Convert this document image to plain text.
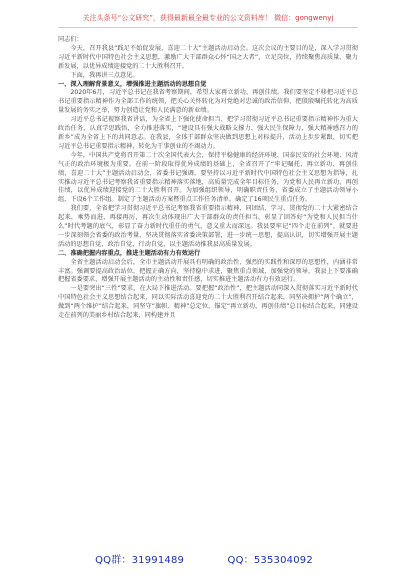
关注头条号“公文研究”，获得最新最全最专业的公文资料库！ 微信：gongwenyj

同志们：

今天，召开我县“践足不始促发展，喜迎二十大”主题活动启动会。这次会议的主要目的是，深入学习贯彻习近平新时代中国特色社会主义思想，激励广大干部群众心怀“国之大者”，立足岗位，持续聚焦高质量、聚力新发展，以优异成绩迎接党的二十大胜利召开。

下面，我再讲三点意见。

一、深入理解背景意义，增强推进主题活动的思想自觉

2020年6月，习近平总书记在我省考察期间，希望大家再立新功、再创佳绩。我们要坚定不移把习近平总书记重要指示精神作为全部工作的统领，把关心关怀转化为对党绝对忠诚的政治信仰，把殷殷嘱托转化为高质量发展的务实之举，努力创造让党和人民满意的新业绩。

习近平总书记视察我省讲话，为全省上下强化使命担当、把学习贯彻习近平总书记重要指示精神作为重大政治任务，认真学思践悟，全力推进落实，“建设具有强大战略支撑力、强大民生保障力、强大精神感召力的新乡”成为全省上下的共同意志。在我县，全体干部群众坚决做到思想上对标提升，活动上步步紧跟，切实把习近平总书记重要指示精神，转化为干事创业的不竭动力。

今年，中国共产党将召开第二十次全国代表大会，保持平稳健康的经济环境、国泰民安的社会环境、风清气正的政治环境极为重要。在前一阶段取得优异成绩的基础上，全省召开了“牢记嘱托、再立新功、再创佳绩，喜迎二十大”主题活动启动会，省委书记强调，要坚持以习近平新时代中国特色社会主义思想为指导，扎实推动习近平总书记考察我省重要指示精神落实落地，高质量完成全年目标任务，为党和人民再立新功、再创佳绩，以优异成绩迎接党的二十大胜利召开。为加强组织领导，明确职责任务，省委成立了主题活动领导小组，下设6个工作组。制定了主题活动方案暨重点工作任务清单，确定了16项民生重点任务。

我们要，全省把学习贯彻习近平总书记考察我省重要指示精神，同团结、学习、贯彻党的二十大紧密结合起来，乘势而进，再接再厉，再次生动体现出广大干部群众的责任担当，彰显了回答好“为党和人民担当什么”时代考题的底气，彰显了奋力新时代重任的勇气，意义重大而深远。我县要牢记“四个走在前列”，就要进一步深刻领会省委的政治考量，坚决贯彻落实省委决策部署，进一步统一思想，提高认识，切实增强开展主题活动的思想自觉、政治自觉、行动自觉，以主题活动推我县高质量发展。

二、准确把握内容重点，推进主题活动有力有效运行

全省主题活动启动会后，全市主题活动开展具有明确的政治性、强烈的实践性和深厚的思想性，内涵非常丰富。强调要提高政治站位，把握正确方向，坚持稳中求进，聚焦重点领域，加强党的领导，我县上下要准确把握省委要求，增强开展主题活动的主动性和责任感，切实推进主题活动有力有效运行。

一是要突出“三性”要求，在大局下推进活动。要把握“政治性”，把主题活动同深入贯彻落实习近平新时代中国特色社会主义思想结合起来，同以实际活动喜迎党的二十大胜利召开结合起来，同坚决拥护“两个确立”，做到“两个维护”结合起来，同坚守“旗帜、精神”总定位，锚定“再立新功、再创佳绩”总目标结合起来，同建设走在前列的美丽乡村结合起来，同构建并且

QQ群：31991489	QQ：535304092
